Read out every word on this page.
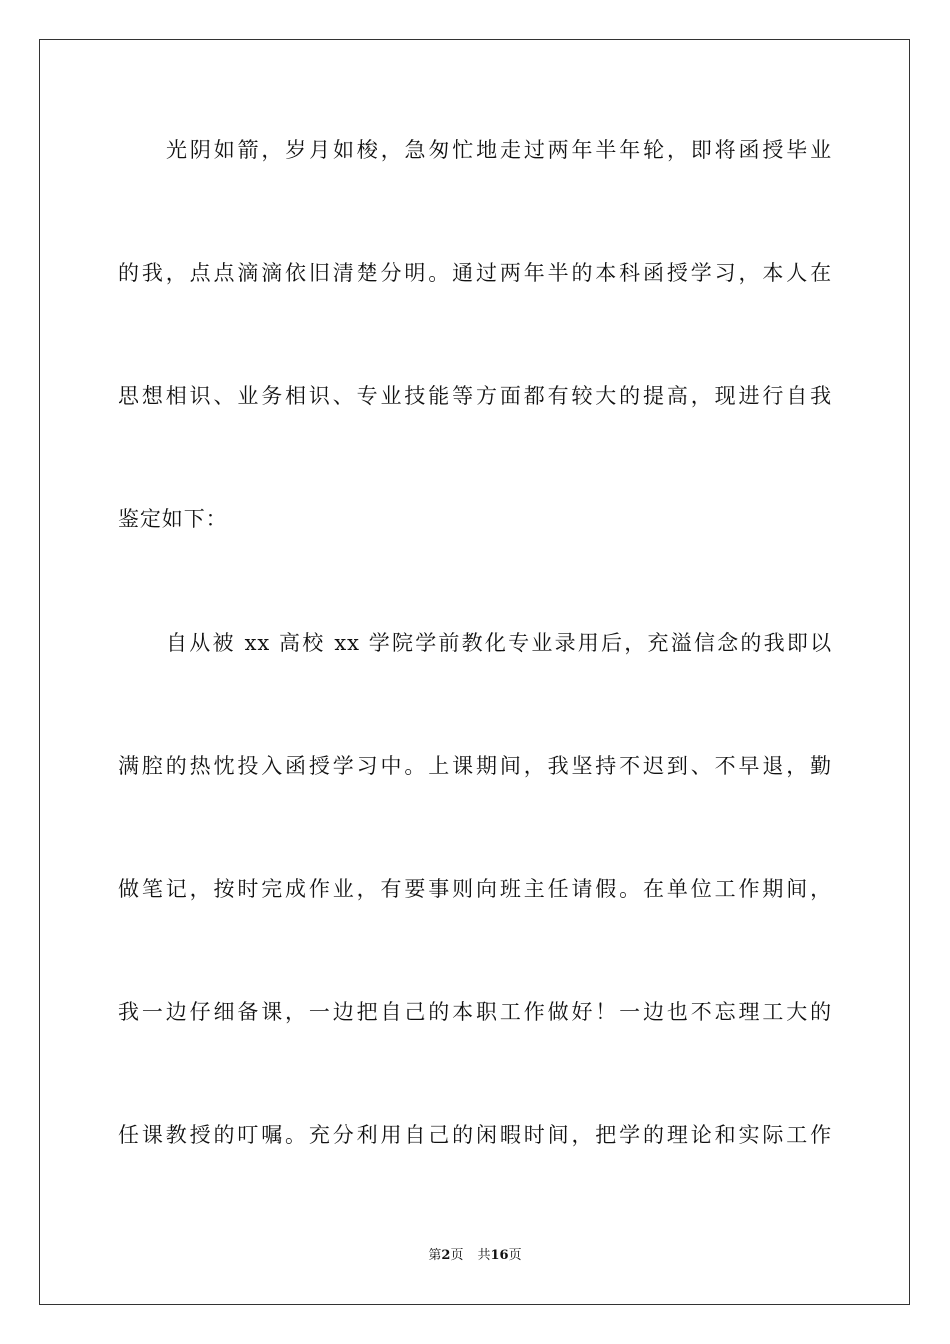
光阴如箭，岁月如梭，急匆忙地走过两年半年轮，即将函授毕业
的我，点点滴滴依旧清楚分明。通过两年半的本科函授学习，本人在
思想相识、业务相识、专业技能等方面都有较大的提高，现进行自我
鉴定如下：
自从被 xx 高校 xx 学院学前教化专业录用后，充溢信念的我即以
满腔的热忱投入函授学习中。上课期间，我坚持不迟到、不早退，勤
做笔记，按时完成作业，有要事则向班主任请假。在单位工作期间，
我一边仔细备课，一边把自己的本职工作做好！一边也不忘理工大的
任课教授的叮嘱。充分利用自己的闲暇时间，把学的理论和实际工作
第2页 共16页
